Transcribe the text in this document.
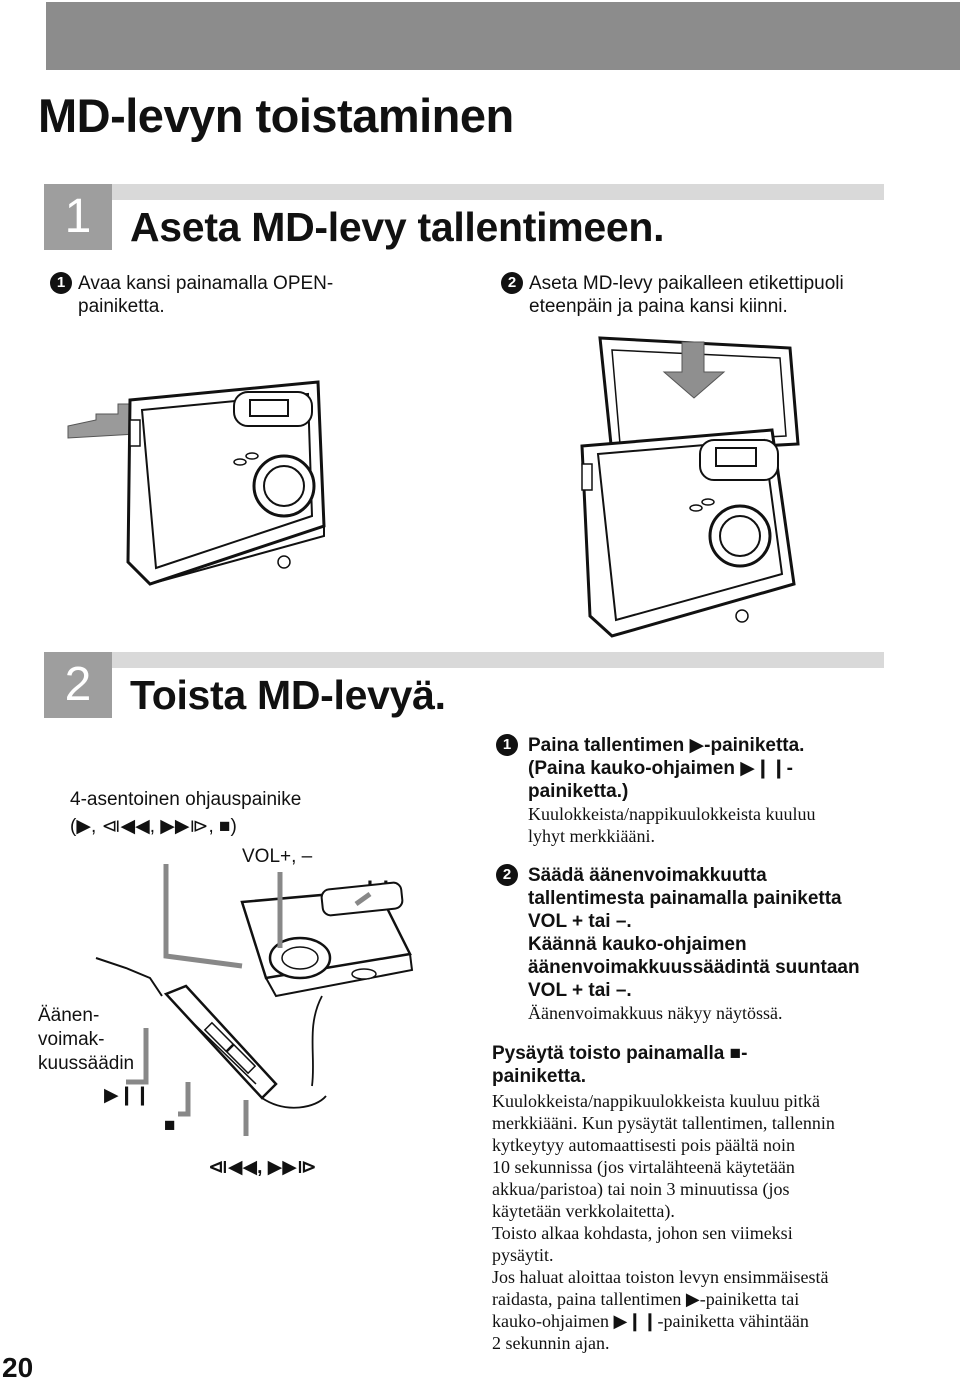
MD-levyn toistaminen
1 Aseta MD-levy tallentimeen.
1 Avaa kansi painamalla OPEN-
painiketta.
2 Aseta MD-levy paikalleen etikettipuoli
eteenpäin ja paina kansi kiinni.
2 Toista MD-levyä.
4-asentoinen ohjauspainike
(▶, ⧏◀◀, ▶▶⧐, ■)
VOL+, –
Äänen-
voimak-
kuussäädin
▶❙❙
■
⧏◀◀, ▶▶⧐
1 Paina tallentimen ▶-painiketta.
(Paina kauko-ohjaimen ▶❙❙-
painiketta.)
Kuulokkeista/nappikuulokkeista kuuluu
lyhyt merkkiääni.
2 Säädä äänenvoimakkuutta
tallentimesta painamalla painiketta
VOL + tai –.
Käännä kauko-ohjaimen
äänenvoimakkuussäädintä suuntaan
VOL + tai –.
Äänenvoimakkuus näkyy näytössä.
Pysäytä toisto painamalla ■-
painiketta.
Kuulokkeista/nappikuulokkeista kuuluu pitkä
merkkiääni. Kun pysäytät tallentimen, tallennin
kytkeytyy automaattisesti pois päältä noin
10 sekunnissa (jos virtalähteenä käytetään
akkua/paristoa) tai noin 3 minuutissa (jos
käytetään verkkolaitetta).
Toisto alkaa kohdasta, johon sen viimeksi
pysäytit.
Jos haluat aloittaa toiston levyn ensimmäisestä
raidasta, paina tallentimen ▶-painiketta tai
kauko-ohjaimen ▶❙❙-painiketta vähintään
2 sekunnin ajan.
20
